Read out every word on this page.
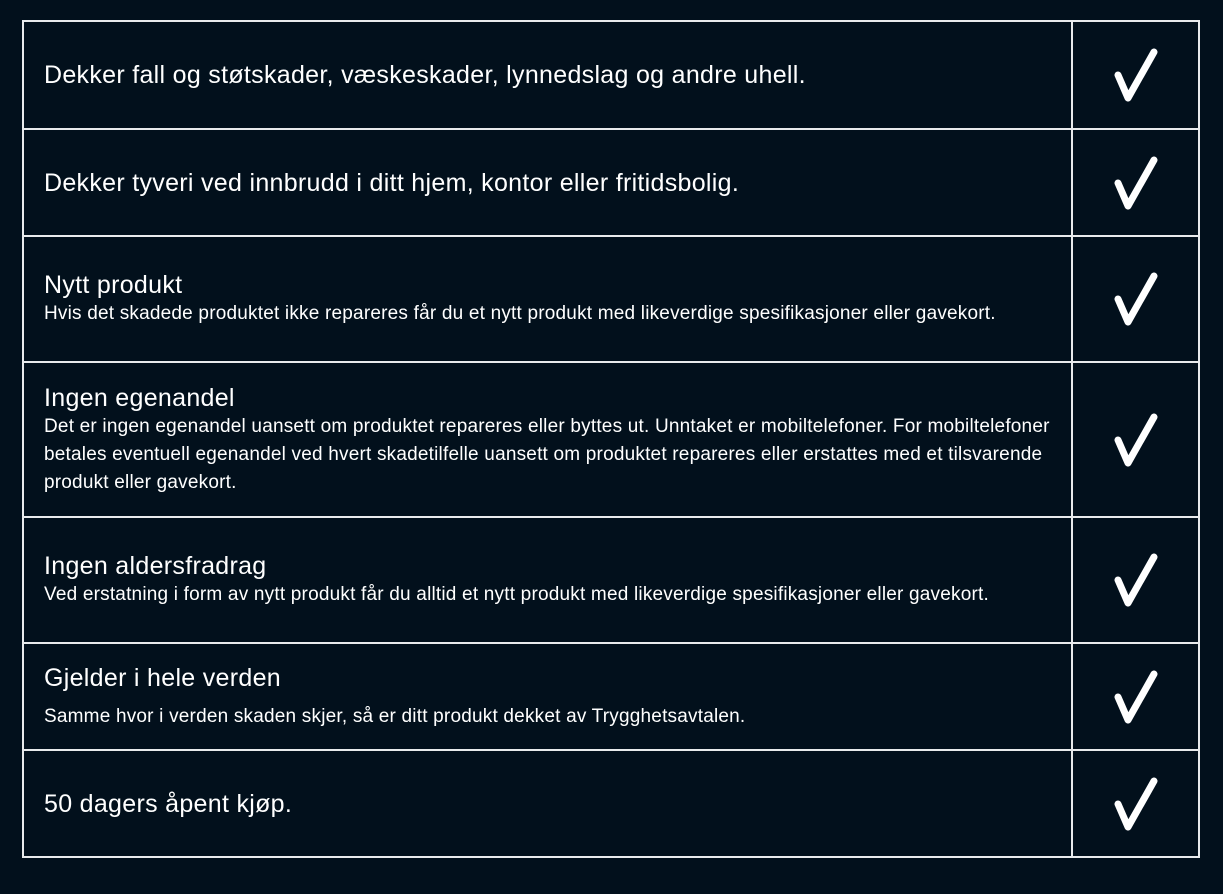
Dekker fall og støtskader, væskeskader, lynnedslag og andre uhell.
Dekker tyveri ved innbrudd i ditt hjem, kontor eller fritidsbolig.
Nytt produkt
Hvis det skadede produktet ikke repareres får du et nytt produkt med likeverdige spesifikasjoner eller gavekort.
Ingen egenandel
Det er ingen egenandel uansett om produktet repareres eller byttes ut. Unntaket er mobiltelefoner. For mobiltelefoner betales eventuell egenandel ved hvert skadetilfelle uansett om produktet repareres eller erstattes med et tilsvarende produkt eller gavekort.
Ingen aldersfradrag
Ved erstatning i form av nytt produkt får du alltid et nytt produkt med likeverdige spesifikasjoner eller gavekort.
Gjelder i hele verden
Samme hvor i verden skaden skjer, så er ditt produkt dekket av Trygghetsavtalen.
50 dagers åpent kjøp.
